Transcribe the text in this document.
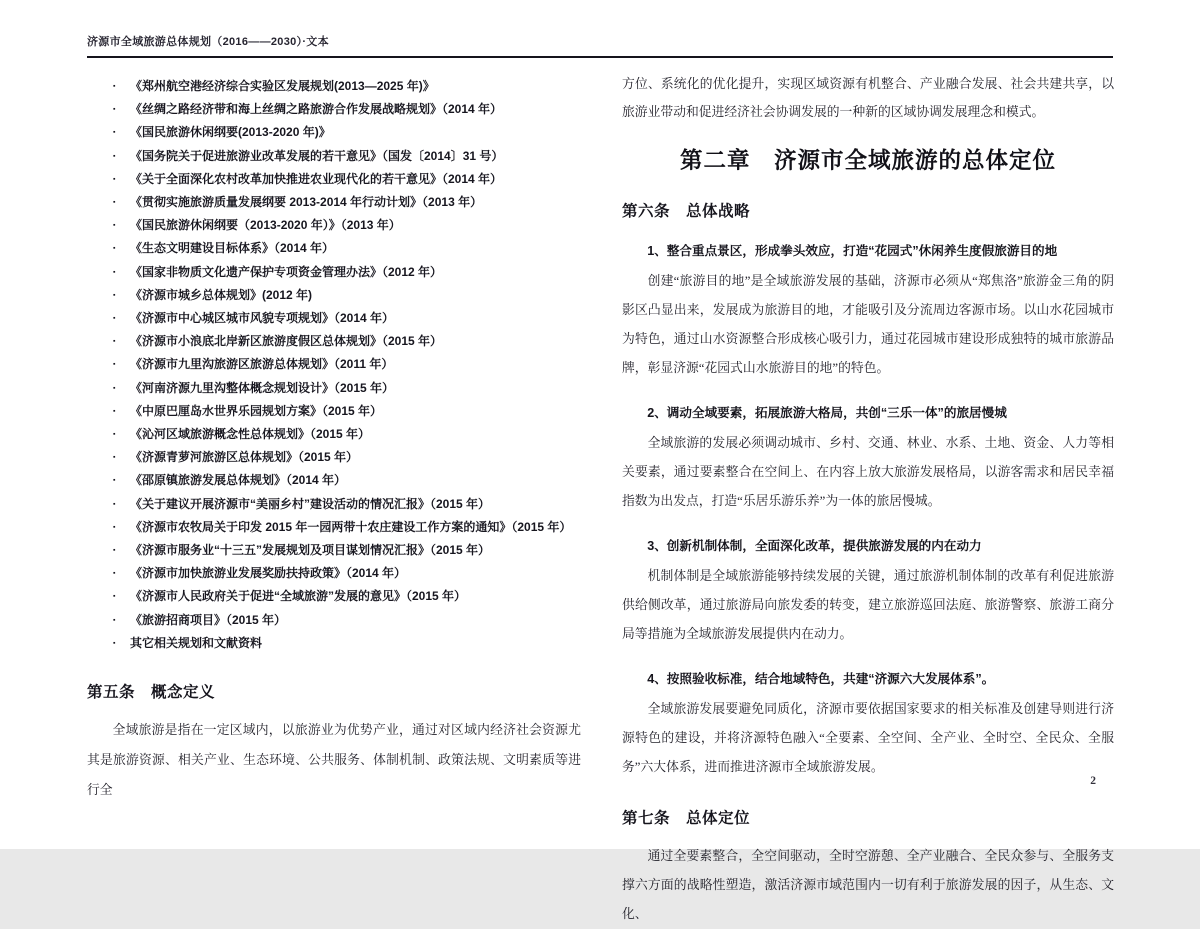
济源市全域旅游总体规划（2016——2030）·文本
▪	《郑州航空港经济综合实验区发展规划(2013—2025 年)》
▪	《丝绸之路经济带和海上丝绸之路旅游合作发展战略规划》（2014 年）
▪	《国民旅游休闲纲要(2013-2020 年)》
▪	《国务院关于促进旅游业改革发展的若干意见》（国发〔2014〕31 号）
▪	《关于全面深化农村改革加快推进农业现代化的若干意见》（2014 年）
▪	《贯彻实施旅游质量发展纲要 2013-2014 年行动计划》（2013 年）
▪	《国民旅游休闲纲要（2013-2020 年）》（2013 年）
▪	《生态文明建设目标体系》（2014 年）
▪	《国家非物质文化遗产保护专项资金管理办法》（2012 年）
▪	《济源市城乡总体规划》(2012 年)
▪	《济源市中心城区城市风貌专项规划》（2014 年）
▪	《济源市小浪底北岸新区旅游度假区总体规划》（2015 年）
▪	《济源市九里沟旅游区旅游总体规划》（2011 年）
▪	《河南济源九里沟整体概念规划设计》（2015 年）
▪	《中原巴厘岛水世界乐园规划方案》（2015 年）
▪	《沁河区域旅游概念性总体规划》（2015 年）
▪	《济源青萝河旅游区总体规划》（2015 年）
▪	《邵原镇旅游发展总体规划》（2014 年）
▪	《关于建议开展济源市“美丽乡村”建设活动的情况汇报》（2015 年）
▪	《济源市农牧局关于印发 2015 年一园两带十农庄建设工作方案的通知》（2015 年）
▪	《济源市服务业“十三五”发展规划及项目谋划情况汇报》（2015 年）
▪	《济源市加快旅游业发展奖励扶持政策》（2014 年）
▪	《济源市人民政府关于促进“全域旅游”发展的意见》（2015 年）
▪	《旅游招商项目》（2015 年）
▪	其它相关规划和文献资料
第五条　概念定义

全域旅游是指在一定区域内，以旅游业为优势产业，通过对区域内经济社会资源尤其是旅游资源、相关产业、生态环境、公共服务、体制机制、政策法规、文明素质等进行全

方位、系统化的优化提升，实现区域资源有机整合、产业融合发展、社会共建共享，以旅游业带动和促进经济社会协调发展的一种新的区域协调发展理念和模式。

第二章　济源市全域旅游的总体定位
第六条　总体战略
1、整合重点景区，形成拳头效应，打造“花园式”休闲养生度假旅游目的地

创建“旅游目的地”是全域旅游发展的基础，济源市必须从“郑焦洛”旅游金三角的阴影区凸显出来，发展成为旅游目的地，才能吸引及分流周边客源市场。以山水花园城市为特色，通过山水资源整合形成核心吸引力，通过花园城市建设形成独特的城市旅游品牌，彰显济源“花园式山水旅游目的地”的特色。

2、调动全域要素，拓展旅游大格局，共创“三乐一体”的旅居慢城

全域旅游的发展必须调动城市、乡村、交通、林业、水系、土地、资金、人力等相关要素，通过要素整合在空间上、在内容上放大旅游发展格局，以游客需求和居民幸福指数为出发点，打造“乐居乐游乐养”为一体的旅居慢城。

3、创新机制体制，全面深化改革，提供旅游发展的内在动力

机制体制是全域旅游能够持续发展的关键，通过旅游机制体制的改革有利促进旅游供给侧改革，通过旅游局向旅发委的转变，建立旅游巡回法庭、旅游警察、旅游工商分局等措施为全域旅游发展提供内在动力。

4、按照验收标准，结合地域特色，共建“济源六大发展体系”。

全域旅游发展要避免同质化，济源市要依据国家要求的相关标准及创建导则进行济源特色的建设，并将济源特色融入“全要素、全空间、全产业、全时空、全民众、全服务”六大体系，进而推进济源市全域旅游发展。

第七条　总体定位

通过全要素整合，全空间驱动，全时空游憩、全产业融合、全民众参与、全服务支撑六方面的战略性塑造，激活济源市域范围内一切有利于旅游发展的因子，从生态、文化、

2
